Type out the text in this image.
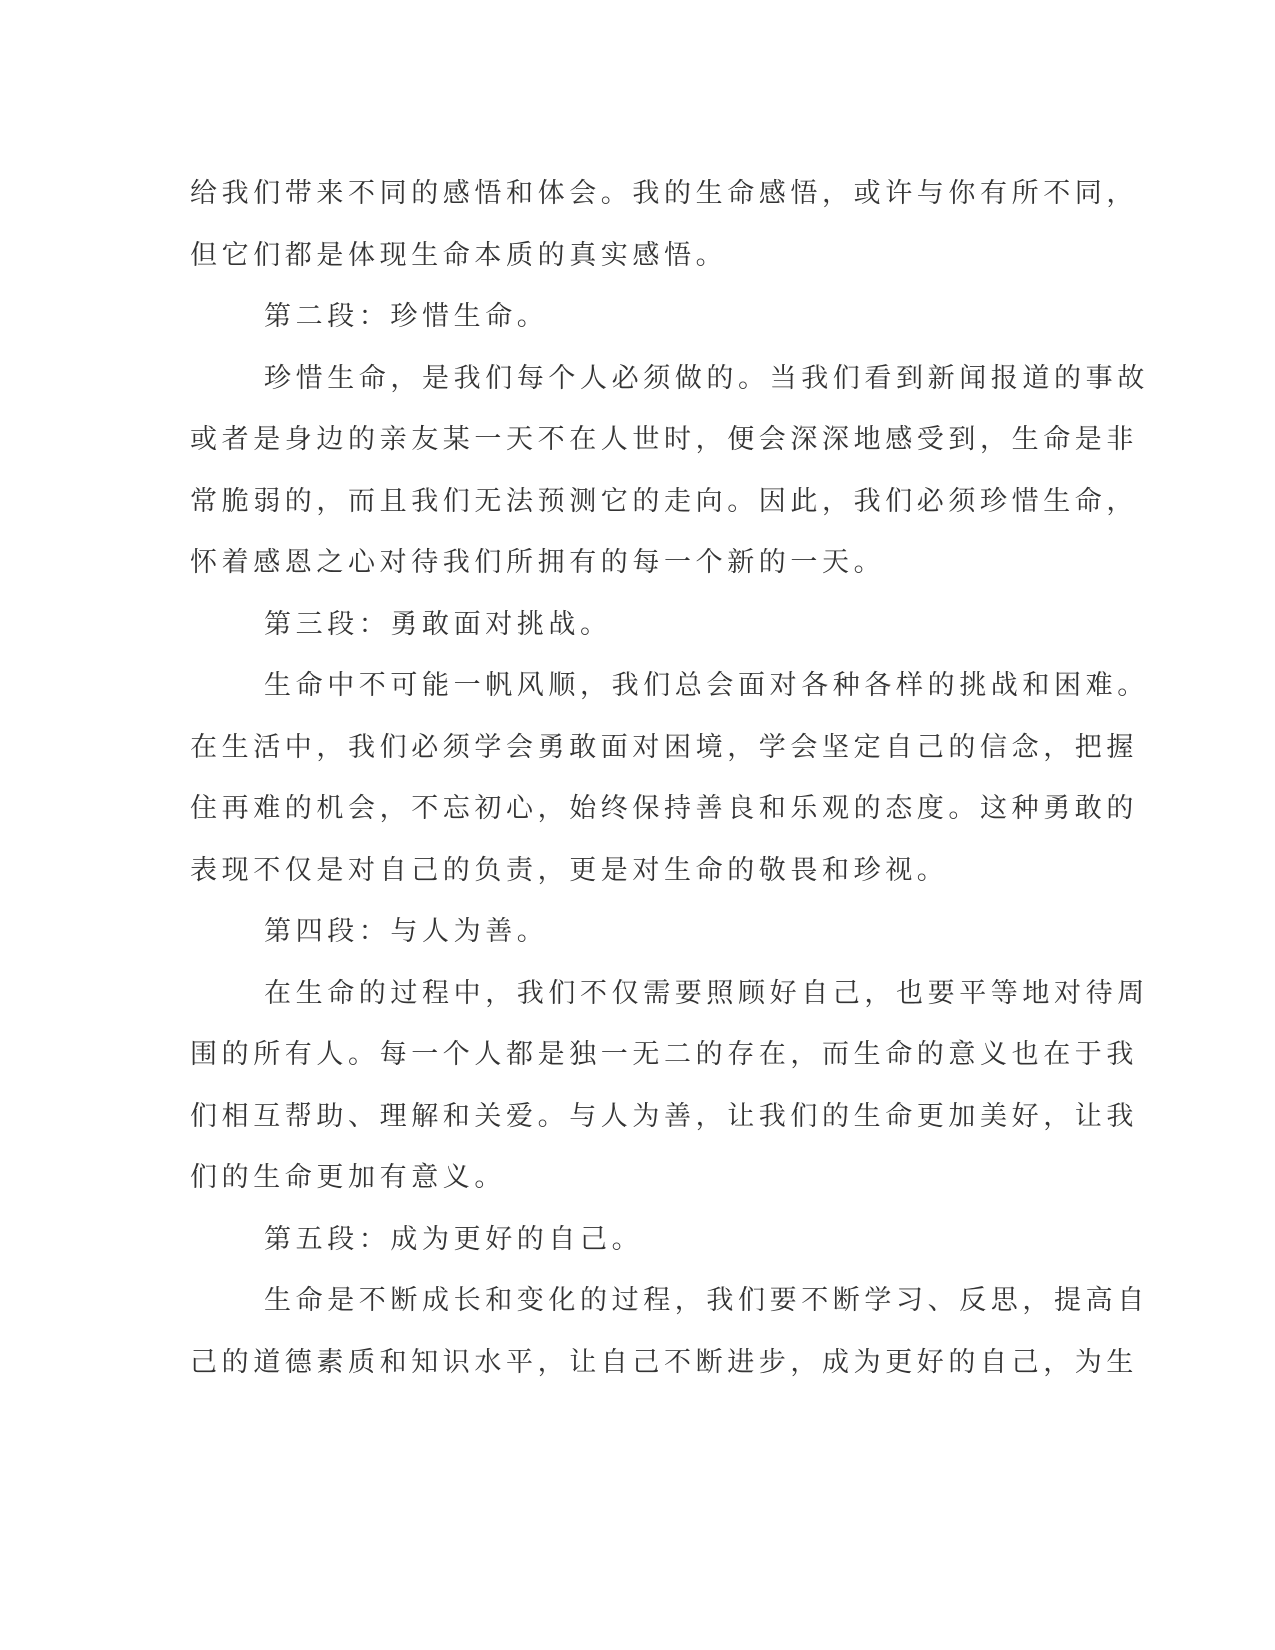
给我们带来不同的感悟和体会。我的生命感悟，或许与你有所不同，
但它们都是体现生命本质的真实感悟。
第二段：珍惜生命。
珍惜生命，是我们每个人必须做的。当我们看到新闻报道的事故
或者是身边的亲友某一天不在人世时，便会深深地感受到，生命是非
常脆弱的，而且我们无法预测它的走向。因此，我们必须珍惜生命，
怀着感恩之心对待我们所拥有的每一个新的一天。
第三段：勇敢面对挑战。
生命中不可能一帆风顺，我们总会面对各种各样的挑战和困难。
在生活中，我们必须学会勇敢面对困境，学会坚定自己的信念，把握
住再难的机会，不忘初心，始终保持善良和乐观的态度。这种勇敢的
表现不仅是对自己的负责，更是对生命的敬畏和珍视。
第四段：与人为善。
在生命的过程中，我们不仅需要照顾好自己，也要平等地对待周
围的所有人。每一个人都是独一无二的存在，而生命的意义也在于我
们相互帮助、理解和关爱。与人为善，让我们的生命更加美好，让我
们的生命更加有意义。
第五段：成为更好的自己。
生命是不断成长和变化的过程，我们要不断学习、反思，提高自
己的道德素质和知识水平，让自己不断进步，成为更好的自己，为生
